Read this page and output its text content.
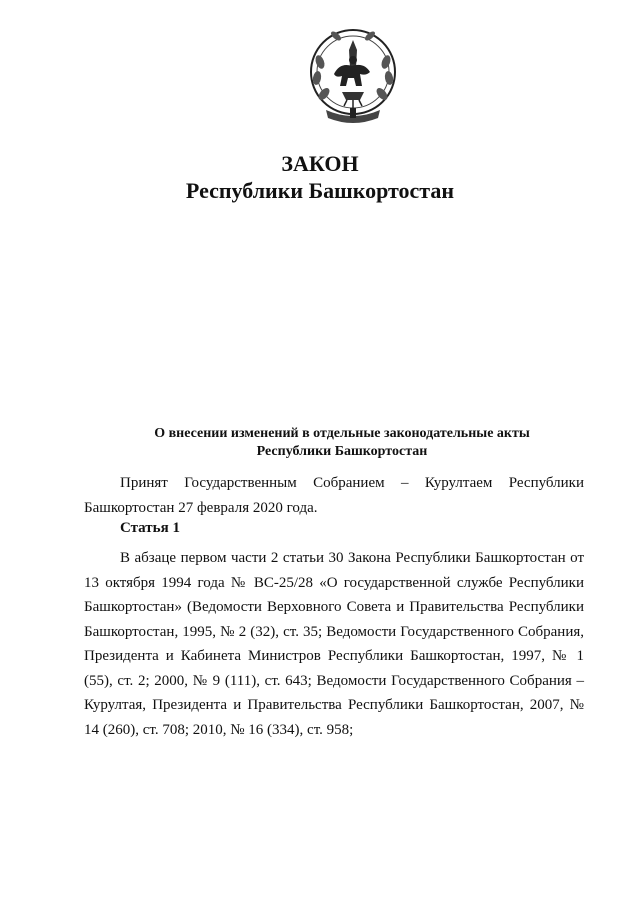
ЗАКОН
Республики Башкортостан
О внесении изменений в отдельные законодательные акты
Республики Башкортостан
Принят Государственным Собранием – Курултаем Республики Башкортостан 27 февраля 2020 года.
Статья 1
В абзаце первом части 2 статьи 30 Закона Республики Башкортостан от 13 октября 1994 года № ВС-25/28 «О государственной службе Республики Башкортостан» (Ведомости Верховного Совета и Правительства Республики Башкортостан, 1995, № 2 (32), ст. 35; Ведомости Государственного Собрания, Президента и Кабинета Министров Республики Башкортостан, 1997, № 1 (55), ст. 2; 2000, № 9 (111), ст. 643; Ведомости Государственного Собрания – Курултая, Президента и Правительства Республики Башкортостан, 2007, № 14 (260), ст. 708; 2010, № 16 (334), ст. 958;
